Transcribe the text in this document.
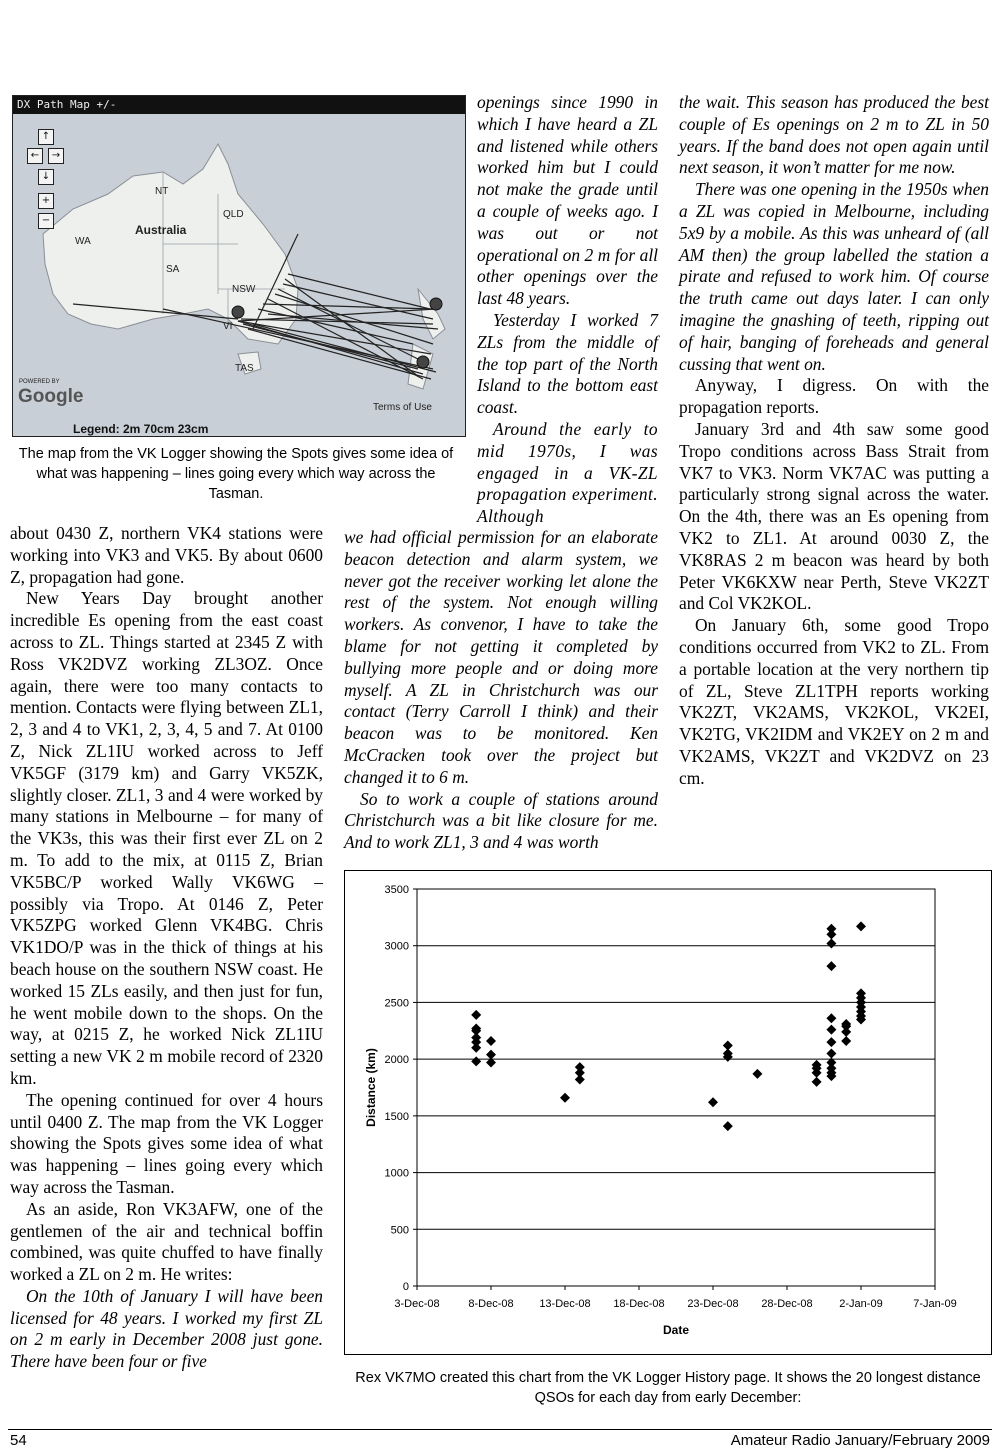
DX Path Map +/-
↑
←	→
↓
+
−
NT
QLD
Australia
WA
SA
NSW
VI
TAS
POWERED BY
Google
Terms of Use
Legend: 2m 70cm 23cm
The map from the VK Logger showing the Spots gives some idea of what was happening – lines going every which way across the Tasman.

openings since 1990 in which I have heard a ZL and listened while others worked him but I could not make the grade until a couple of weeks ago. I was out or not operational on 2 m for all other openings over the last 48 years.

Yesterday I worked 7 ZLs from the middle of the top part of the North Island to the bottom east coast.

Around the early to mid 1970s, I was engaged in a VK-ZL propagation experiment. Although

we had official permission for an elaborate beacon detection and alarm system, we never got the receiver working let alone the rest of the system. Not enough willing workers. As convenor, I have to take the blame for not getting it completed by bullying more people and or doing more myself. A ZL in Christchurch was our contact (Terry Carroll I think) and their beacon was to be monitored. Ken McCracken took over the project but changed it to 6 m.

So to work a couple of stations around Christchurch was a bit like closure for me. And to work ZL1, 3 and 4 was worth

the wait. This season has produced the best couple of Es openings on 2 m to ZL in 50 years. If the band does not open again until next season, it won’t matter for me now.

There was one opening in the 1950s when a ZL was copied in Melbourne, including 5x9 by a mobile. As this was unheard of (all AM then) the group labelled the station a pirate and refused to work him. Of course the truth came out days later. I can only imagine the gnashing of teeth, ripping out of hair, banging of foreheads and general cussing that went on.

Anyway, I digress. On with the propagation reports.

January 3rd and 4th saw some good Tropo conditions across Bass Strait from VK7 to VK3. Norm VK7AC was putting a particularly strong signal across the water. On the 4th, there was an Es opening from VK2 to ZL1. At around 0030 Z, the VK8RAS 2 m beacon was heard by both Peter VK6KXW near Perth, Steve VK2ZT and Col VK2KOL.

On January 6th, some good Tropo conditions occurred from VK2 to ZL. From a portable location at the very northern tip of ZL, Steve ZL1TPH reports working VK2ZT, VK2AMS, VK2KOL, VK2EI, VK2TG, VK2IDM and VK2EY on 2 m and VK2AMS, VK2ZT and VK2DVZ on 23 cm.

about 0430 Z, northern VK4 stations were working into VK3 and VK5. By about 0600 Z, propagation had gone.

New Years Day brought another incredible Es opening from the east coast across to ZL. Things started at 2345 Z with Ross VK2DVZ working ZL3OZ. Once again, there were too many contacts to mention. Contacts were flying between ZL1, 2, 3 and 4 to VK1, 2, 3, 4, 5 and 7. At 0100 Z, Nick ZL1IU worked across to Jeff VK5GF (3179 km) and Garry VK5ZK, slightly closer. ZL1, 3 and 4 were worked by many stations in Melbourne – for many of the VK3s, this was their first ever ZL on 2 m. To add to the mix, at 0115 Z, Brian VK5BC/P worked Wally VK6WG – possibly via Tropo. At 0146 Z, Peter VK5ZPG worked Glenn VK4BG. Chris VK1DO/P was in the thick of things at his beach house on the southern NSW coast. He worked 15 ZLs easily, and then just for fun, he went mobile down to the shops. On the way, at 0215 Z, he worked Nick ZL1IU setting a new VK 2 m mobile record of 2320 km.

The opening continued for over 4 hours until 0400 Z. The map from the VK Logger showing the Spots gives some idea of what was happening – lines going every which way across the Tasman.

As an aside, Ron VK3AFW, one of the gentlemen of the air and technical boffin combined, was quite chuffed to have finally worked a ZL on 2 m. He writes:

On the 10th of January I will have been licensed for 48 years. I worked my first ZL on 2 m early in December 2008 just gone. There have been four or five

0
500
1000
1500
2000
2500
3000
3500
3-Dec-08	8-Dec-08 13-Dec-08 18-Dec-08 23-Dec-08 28-Dec-08 2-Jan-09	7-Jan-09
Date
Distance (km)
Rex VK7MO created this chart from the VK Logger History page. It shows the 20 longest distance QSOs for each day from early December:
54	Amateur Radio January/February 2009
